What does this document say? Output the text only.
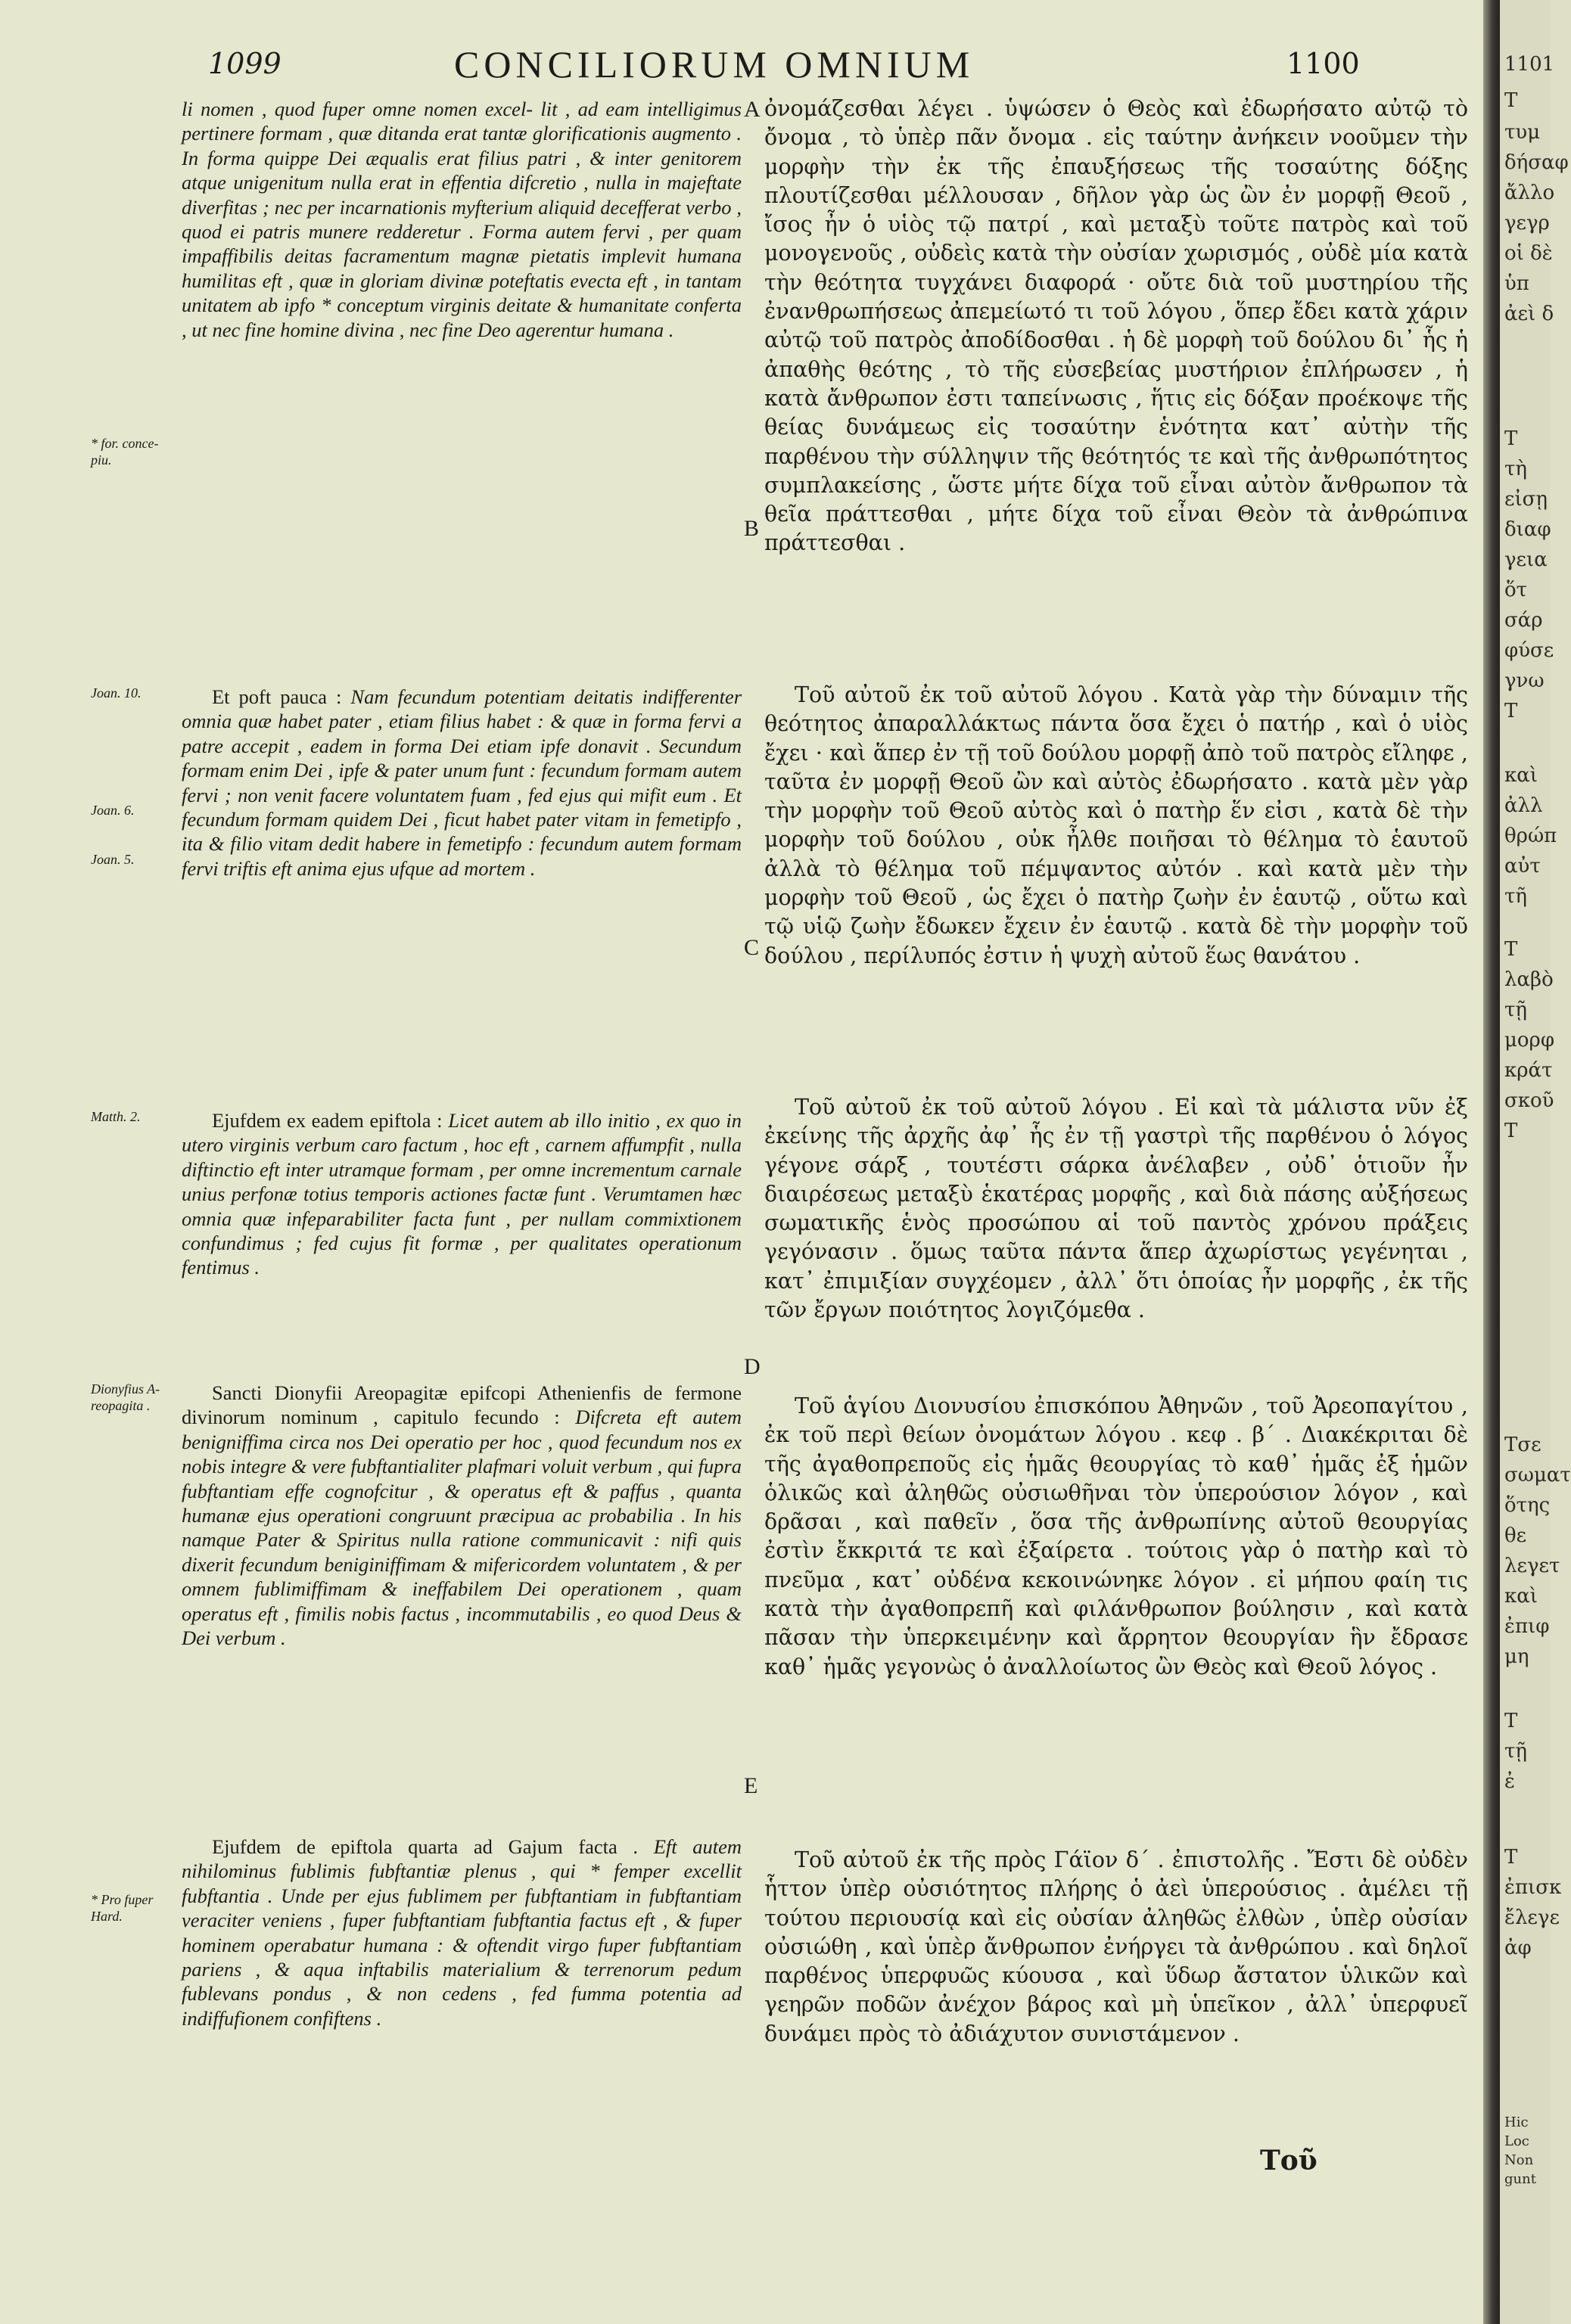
1099	CONCILIORUM OMNIUM	1100
* for. conce-
piu.
Joan. 10.
Joan. 6.
Joan. 5.
Matth. 2.
Dionyfius A-
reopagita .
* Pro fuper
Hard.
A
B
C
D
E

li nomen , quod fuper omne nomen excel- lit , ad eam intelligimus pertinere formam , quæ ditanda erat tantæ glorificationis augmento . In forma quippe Dei æqualis erat filius patri , & inter genitorem atque unigenitum nulla erat in effentia difcretio , nulla in majeftate diverfitas ; nec per incarnationis myfterium aliquid decefferat verbo , quod ei patris munere redderetur . Forma autem fervi , per quam impaffibilis deitas facramentum magnæ pietatis implevit humana humilitas eft , quæ in gloriam divinæ poteftatis evecta eft , in tantam unitatem ab ipfo * conceptum virginis deitate & humanitate conferta , ut nec fine homine divina , nec fine Deo agerentur humana .

Et poft pauca : Nam fecundum potentiam deitatis indifferenter omnia quæ habet pater , etiam filius habet : & quæ in forma fervi a patre accepit , eadem in forma Dei etiam ipfe donavit . Secundum formam enim Dei , ipfe & pater unum funt : fecundum formam autem fervi ; non venit facere voluntatem fuam , fed ejus qui mifit eum . Et fecundum formam quidem Dei , ficut habet pater vitam in femetipfo , ita & filio vitam dedit habere in femetipfo : fecundum autem formam fervi triftis eft anima ejus ufque ad mortem .

Ejufdem ex eadem epiftola : Licet autem ab illo initio , ex quo in utero virginis verbum caro factum , hoc eft , carnem affumpfit , nulla diftinctio eft inter utramque formam , per omne incrementum carnale unius perfonæ totius temporis actiones factæ funt . Verumtamen hæc omnia quæ infeparabiliter facta funt , per nullam commixtionem confundimus ; fed cujus fit formæ , per qualitates operationum fentimus .

Sancti Dionyfii Areopagitæ epifcopi Athenienfis de fermone divinorum nominum , capitulo fecundo : Difcreta eft autem benigniffima circa nos Dei operatio per hoc , quod fecundum nos ex nobis integre & vere fubftantialiter plafmari voluit verbum , qui fupra fubftantiam effe cognofcitur , & operatus eft & paffus , quanta humanæ ejus operationi congruunt præcipua ac probabilia . In his namque Pater & Spiritus nulla ratione communicavit : nifi quis dixerit fecundum beniginiffimam & mifericordem voluntatem , & per omnem fublimiffimam & ineffabilem Dei operationem , quam operatus eft , fimilis nobis factus , incommutabilis , eo quod Deus & Dei verbum .

Ejufdem de epiftola quarta ad Gajum facta . Eft autem nihilominus fublimis fubftantiæ plenus , qui * femper excellit fubftantia . Unde per ejus fublimem per fubftantiam in fubftantiam veraciter veniens , fuper fubftantiam fubftantia factus eft , & fuper hominem operabatur humana : & oftendit virgo fuper fubftantiam pariens , & aqua inftabilis materialium & terrenorum pedum fublevans pondus , & non cedens , fed fumma potentia ad indiffufionem confiftens .

ὀνομάζεσθαι λέγει . ὑψώσεν ὁ Θεὸς καὶ ἐδωρήσατο αὐτῷ τὸ ὄνομα , τὸ ὑπὲρ πᾶν ὄνομα . εἰς ταύτην ἀνήκειν νοοῦμεν τὴν μορφὴν τὴν ἐκ τῆς ἐπαυξήσεως τῆς τοσαύτης δόξης πλουτίζεσθαι μέλλουσαν , δῆλον γὰρ ὡς ὢν ἐν μορφῇ Θεοῦ , ἴσος ἦν ὁ υἱὸς τῷ πατρί , καὶ μεταξὺ τοῦτε πατρὸς καὶ τοῦ μονογενοῦς , οὐδεὶς κατὰ τὴν οὐσίαν χωρισμός , οὐδὲ μία κατὰ τὴν θεότητα τυγχάνει διαφορά · οὔτε διὰ τοῦ μυστηρίου τῆς ἐνανθρωπήσεως ἀπεμείωτό τι τοῦ λόγου , ὅπερ ἔδει κατὰ χάριν αὐτῷ τοῦ πατρὸς ἀποδίδοσθαι . ἡ δὲ μορφὴ τοῦ δούλου δι᾽ ἧς ἡ ἀπαθὴς θεότης , τὸ τῆς εὐσεβείας μυστήριον ἐπλήρωσεν , ἡ κατὰ ἄνθρωπον ἐστι ταπείνωσις , ἥτις εἰς δόξαν προέκοψε τῆς θείας δυνάμεως εἰς τοσαύτην ἑνότητα κατ᾽ αὐτὴν τῆς παρθένου τὴν σύλληψιν τῆς θεότητός τε καὶ τῆς ἀνθρωπότητος συμπλακείσης , ὥστε μήτε δίχα τοῦ εἶναι αὐτὸν ἄνθρωπον τὰ θεῖα πράττεσθαι , μήτε δίχα τοῦ εἶναι Θεὸν τὰ ἀνθρώπινα πράττεσθαι .

Τοῦ αὐτοῦ ἐκ τοῦ αὐτοῦ λόγου . Κατὰ γὰρ τὴν δύναμιν τῆς θεότητος ἀπαραλλάκτως πάντα ὅσα ἔχει ὁ πατήρ , καὶ ὁ υἱὸς ἔχει · καὶ ἅπερ ἐν τῇ τοῦ δούλου μορφῇ ἀπὸ τοῦ πατρὸς εἴληφε , ταῦτα ἐν μορφῇ Θεοῦ ὢν καὶ αὐτὸς ἐδωρήσατο . κατὰ μὲν γὰρ τὴν μορφὴν τοῦ Θεοῦ αὐτὸς καὶ ὁ πατὴρ ἕν εἰσι , κατὰ δὲ τὴν μορφὴν τοῦ δούλου , οὐκ ἦλθε ποιῆσαι τὸ θέλημα τὸ ἑαυτοῦ ἀλλὰ τὸ θέλημα τοῦ πέμψαντος αὐτόν . καὶ κατὰ μὲν τὴν μορφὴν τοῦ Θεοῦ , ὡς ἔχει ὁ πατὴρ ζωὴν ἐν ἑαυτῷ , οὕτω καὶ τῷ υἱῷ ζωὴν ἔδωκεν ἔχειν ἐν ἑαυτῷ . κατὰ δὲ τὴν μορφὴν τοῦ δούλου , περίλυπός ἐστιν ἡ ψυχὴ αὐτοῦ ἕως θανάτου .

Τοῦ αὐτοῦ ἐκ τοῦ αὐτοῦ λόγου . Εἰ καὶ τὰ μάλιστα νῦν ἐξ ἐκείνης τῆς ἀρχῆς ἀφ᾽ ἧς ἐν τῇ γαστρὶ τῆς παρθένου ὁ λόγος γέγονε σάρξ , τουτέστι σάρκα ἀνέλαβεν , οὐδ᾽ ὁτιοῦν ἦν διαιρέσεως μεταξὺ ἑκατέρας μορφῆς , καὶ διὰ πάσης αὐξήσεως σωματικῆς ἑνὸς προσώπου αἱ τοῦ παντὸς χρόνου πράξεις γεγόνασιν . ὅμως ταῦτα πάντα ἅπερ ἀχωρίστως γεγένηται , κατ᾽ ἐπιμιξίαν συγχέομεν , ἀλλ᾽ ὅτι ὁποίας ἦν μορφῆς , ἐκ τῆς τῶν ἔργων ποιότητος λογιζόμεθα .

Τοῦ ἁγίου Διονυσίου ἐπισκόπου Ἀθηνῶν , τοῦ Ἀρεοπαγίτου , ἐκ τοῦ περὶ θείων ὀνομάτων λόγου . κεφ . β΄ . Διακέκριται δὲ τῆς ἀγαθοπρεποῦς εἰς ἡμᾶς θεουργίας τὸ καθ᾽ ἡμᾶς ἐξ ἡμῶν ὁλικῶς καὶ ἀληθῶς οὐσιωθῆναι τὸν ὑπερούσιον λόγον , καὶ δρᾶσαι , καὶ παθεῖν , ὅσα τῆς ἀνθρωπίνης αὐτοῦ θεουργίας ἐστὶν ἔκκριτά τε καὶ ἐξαίρετα . τούτοις γὰρ ὁ πατὴρ καὶ τὸ πνεῦμα , κατ᾽ οὐδένα κεκοινώνηκε λόγον . εἰ μήπου φαίη τις κατὰ τὴν ἀγαθοπρεπῆ καὶ φιλάνθρωπον βούλησιν , καὶ κατὰ πᾶσαν τὴν ὑπερκειμένην καὶ ἄρρητον θεουργίαν ἣν ἔδρασε καθ᾽ ἡμᾶς γεγονὼς ὁ ἀναλλοίωτος ὢν Θεὸς καὶ Θεοῦ λόγος .

Τοῦ αὐτοῦ ἐκ τῆς πρὸς Γάϊον δ΄ . ἐπιστολῆς . Ἔστι δὲ οὐδὲν ἧττον ὑπὲρ οὐσιότητος πλήρης ὁ ἀεὶ ὑπερούσιος . ἀμέλει τῇ τούτου περιουσίᾳ καὶ εἰς οὐσίαν ἀληθῶς ἐλθὼν , ὑπὲρ οὐσίαν οὐσιώθη , καὶ ὑπὲρ ἄνθρωπον ἐνήργει τὰ ἀνθρώπου . καὶ δηλοῖ παρθένος ὑπερφυῶς κύουσα , καὶ ὕδωρ ἄστατον ὑλικῶν καὶ γεηρῶν ποδῶν ἀνέχον βάρος καὶ μὴ ὑπεῖκον , ἀλλ᾽ ὑπερφυεῖ δυνάμει πρὸς τὸ ἀδιάχυτον συνιστάμενον .

Τοῦ
1101
Τ
τυμ
δήσαφ
ἄλλο
γεγρ
οἱ δὲ
ὑπ
ἀεὶ δ
Τ
τὴ
εἰσῃ
διαφ
γεια
ὅτ
σάρ
φύσε
γνω
Τ
καὶ
ἀλλ
θρώπ
αὐτ
τῆ
Τ
λαβὸ
τῇ
μορφ
κράτ
σκοῦ
Τ
Τσε
σωματ
ὅτης
θε
λεγετ
καὶ
ἐπιφ
μη
Τ
τῇ
ἐ
Τ
ἐπισκ
ἔλεγε
ἀφ
Hic
Loc
Non
gunt
